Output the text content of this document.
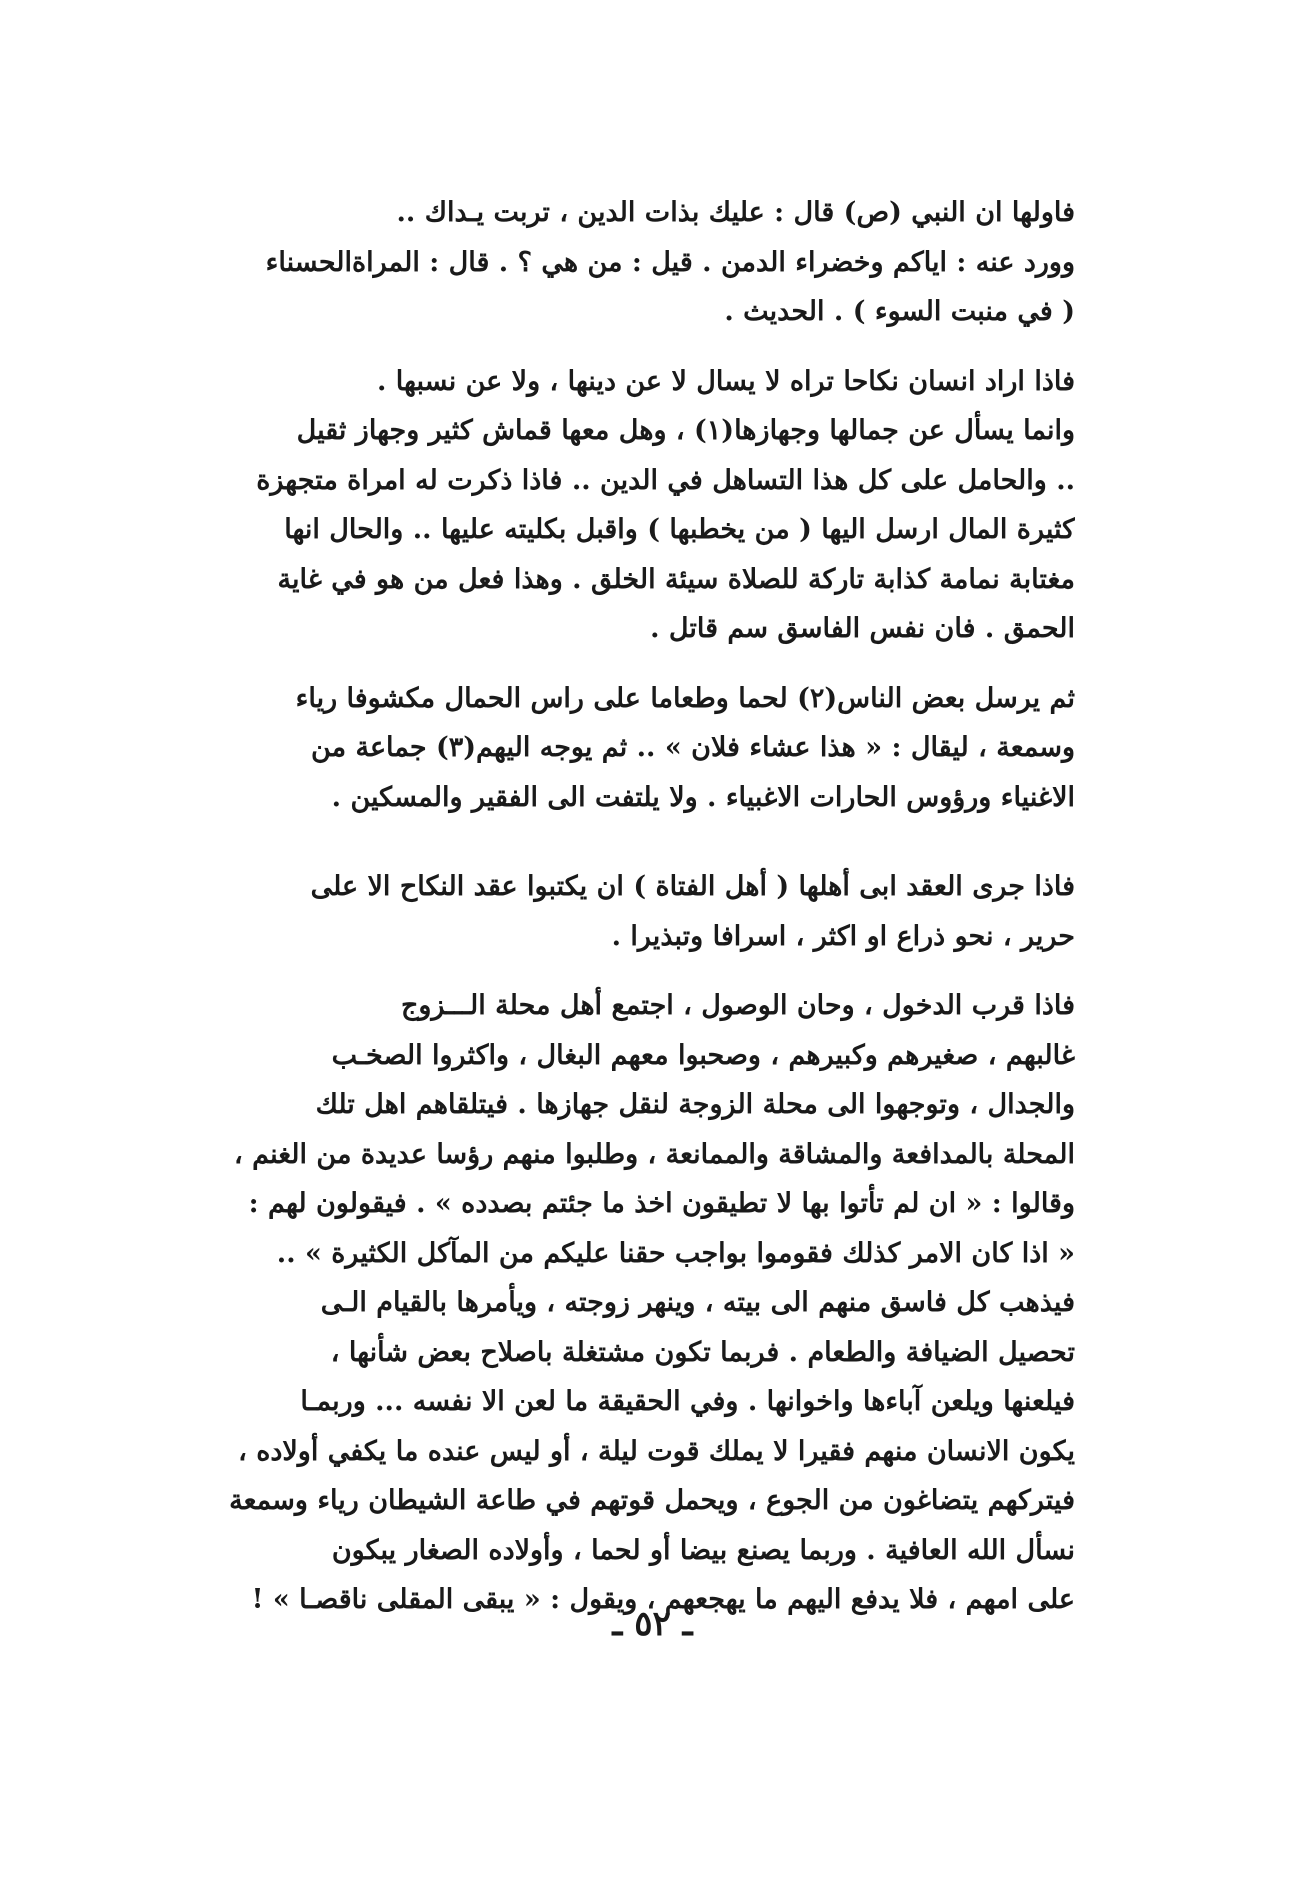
فاولها ان النبي (ص) قال : عليك بذات الدين ، تربت يـداك ..
وورد عنه : اياكم وخضراء الدمن . قيل : من هي ؟ . قال : المراةالحسناء
( في منبت السوء ) . الحديث .

فاذا اراد انسان نكاحا تراه لا يسال لا عن دينها ، ولا عن نسبها .
وانما يسأل عن جمالها وجهازها(١) ، وهل معها قماش كثير وجهاز ثقيل
.. والحامل على كل هذا التساهل في الدين .. فاذا ذكرت له امراة متجهزة
كثيرة المال ارسل اليها ( من يخطبها ) واقبل بكليته عليها .. والحال انها
مغتابة نمامة كذابة تاركة للصلاة سيئة الخلق . وهذا فعل من هو في غاية
الحمق . فان نفس الفاسق سم قاتل .

ثم يرسل بعض الناس(٢) لحما وطعاما على راس الحمال مكشوفا رياء
وسمعة ، ليقال : « هذا عشاء فلان » .. ثم يوجه اليهم(٣) جماعة من
الاغنياء ورؤوس الحارات الاغبياء . ولا يلتفت الى الفقير والمسكين .

فاذا جرى العقد ابى أهلها ( أهل الفتاة ) ان يكتبوا عقد النكاح الا على
حرير ، نحو ذراع او اكثر ، اسرافا وتبذيرا .

فاذا قرب الدخول ، وحان الوصول ، اجتمع أهل محلة الـــزوج
غالبهم ، صغيرهم وكبيرهم ، وصحبوا معهم البغال ، واكثروا الصخـب
والجدال ، وتوجهوا الى محلة الزوجة لنقل جهازها . فيتلقاهم اهل تلك
المحلة بالمدافعة والمشاقة والممانعة ، وطلبوا منهم رؤسا عديدة من الغنم ،
وقالوا : « ان لم تأتوا بها لا تطيقون اخذ ما جئتم بصدده » . فيقولون لهم :
« اذا كان الامر كذلك فقوموا بواجب حقنا عليكم من المآكل الكثيرة » ..
فيذهب كل فاسق منهم الى بيته ، وينهر زوجته ، ويأمرها بالقيام الـى
تحصيل الضيافة والطعام . فربما تكون مشتغلة باصلاح بعض شأنها ،
فيلعنها ويلعن آباءها واخوانها . وفي الحقيقة ما لعن الا نفسه ... وربمـا
يكون الانسان منهم فقيرا لا يملك قوت ليلة ، أو ليس عنده ما يكفي أولاده ،
فيتركهم يتضاغون من الجوع ، ويحمل قوتهم في طاعة الشيطان رياء وسمعة
نسأل الله العافية . وربما يصنع بيضا أو لحما ، وأولاده الصغار يبكون
على امهم ، فلا يدفع اليهم ما يهجعهم ، ويقول : « يبقى المقلى ناقصـا » !

ـ ٥٢ ـ
